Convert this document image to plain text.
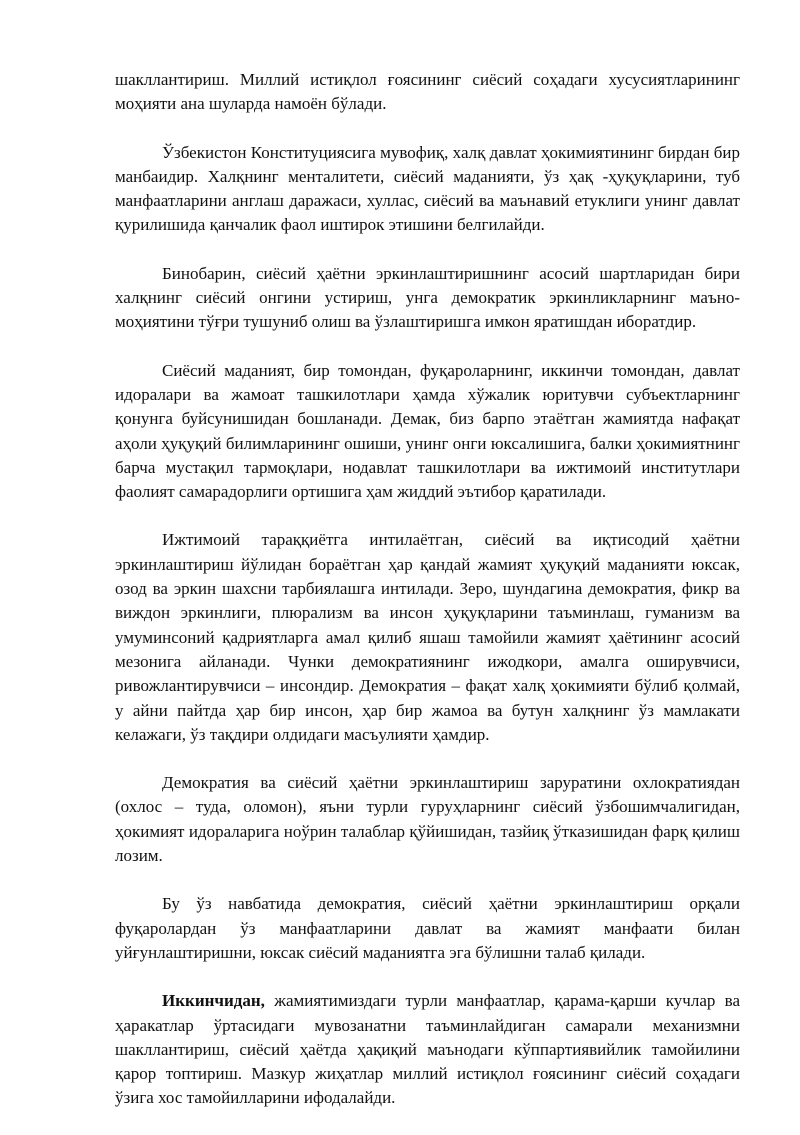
шакллантириш. Миллий истиқлол ғоясининг сиёсий соҳадаги хусусиятларининг моҳияти ана шуларда намоён бўлади.

Ўзбекистон Конституциясига мувофиқ, халқ давлат ҳокимиятининг бирдан бир манбаидир. Халқнинг менталитети, сиёсий маданияти, ўз ҳақ -ҳуқуқларини, туб манфаатларини англаш даражаси, хуллас, сиёсий ва маънавий етуклиги унинг давлат қурилишида қанчалик фаол иштирок этишини белгилайди.

Бинобарин, сиёсий ҳаётни эркинлаштиришнинг асосий шартларидан бири халқнинг сиёсий онгини устириш, унга демократик эркинликларнинг маъно-моҳиятини тўғри тушуниб олиш ва ўзлаштиришга имкон яратишдан иборатдир.

Сиёсий маданият, бир томондан, фуқароларнинг, иккинчи томондан, давлат идоралари ва жамоат ташкилотлари ҳамда хўжалик юритувчи субъектларнинг қонунга буйсунишидан бошланади. Демак, биз барпо этаётган жамиятда нафақат аҳоли ҳуқуқий билимларининг ошиши, унинг онги юксалишига, балки ҳокимиятнинг барча мустақил тармоқлари, нодавлат ташкилотлари ва ижтимоий институтлари фаолият самарадорлиги ортишига ҳам жиддий эътибор қаратилади.

Ижтимоий тараққиётга интилаётган, сиёсий ва иқтисодий ҳаётни эркинлаштириш йўлидан бораётган ҳар қандай жамият ҳуқуқий маданияти юксак, озод ва эркин шахсни тарбиялашга интилади. Зеро, шундагина демократия, фикр ва виждон эркинлиги, плюрализм ва инсон ҳуқуқларини таъминлаш, гуманизм ва умуминсоний қадриятларга амал қилиб яшаш тамойили жамият ҳаётининг асосий мезонига айланади. Чунки демократиянинг ижодкори, амалга оширувчиси, ривожлантирувчиси – инсондир. Демократия – фақат халқ ҳокимияти бўлиб қолмай, у айни пайтда ҳар бир инсон, ҳар бир жамоа ва бутун халқнинг ўз мамлакати келажаги, ўз тақдири олдидаги масъулияти ҳамдир.

Демократия ва сиёсий ҳаётни эркинлаштириш заруратини охлократиядан (охлос – туда, оломон), яъни турли гуруҳларнинг сиёсий ўзбошимчалигидан, ҳокимият идораларига ноўрин талаблар қўйишидан, тазйиқ ўтказишидан фарқ қилиш лозим.

Бу ўз навбатида демократия, сиёсий ҳаётни эркинлаштириш орқали фуқаролардан ўз манфаатларини давлат ва жамият манфаати билан уйғунлаштиришни, юксак сиёсий маданиятга эга бўлишни талаб қилади.

Иккинчидан, жамиятимиздаги турли манфаатлар, қарама-қарши кучлар ва ҳаракатлар ўртасидаги мувозанатни таъминлайдиган самарали механизмни шакллантириш, сиёсий ҳаётда ҳақиқий маънодаги кўппартиявийлик тамойилини қарор топтириш. Мазкур жиҳатлар миллий истиқлол ғоясининг сиёсий соҳадаги ўзига хос тамойилларини ифодалайди.
